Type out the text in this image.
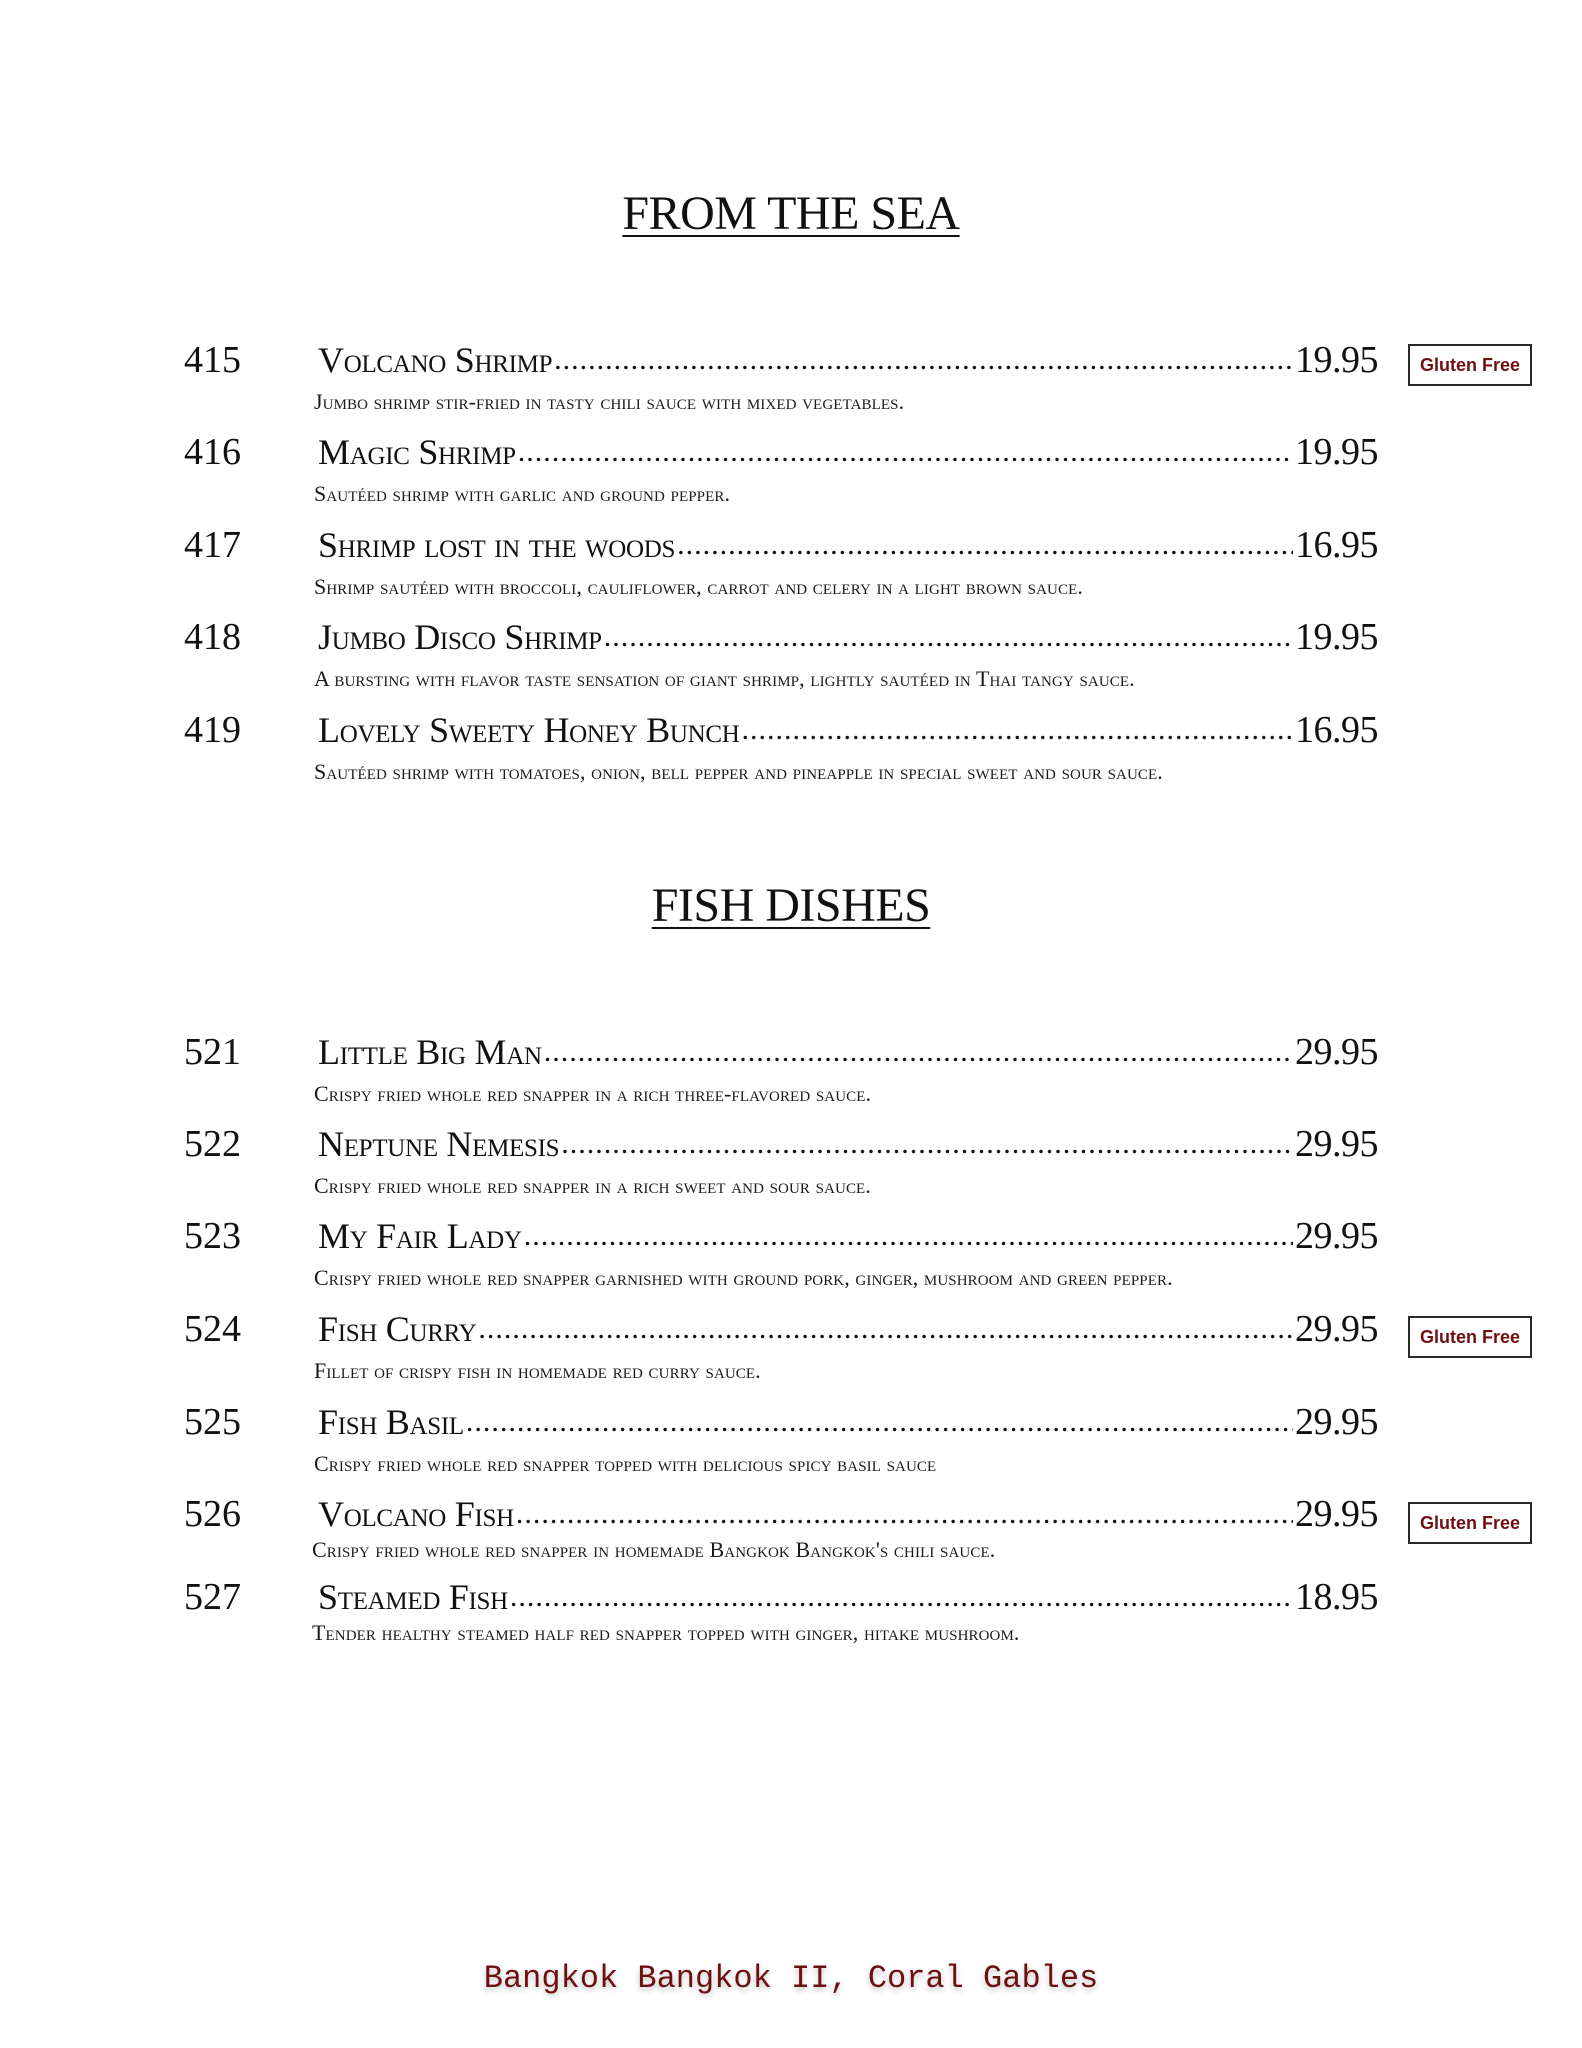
FROM THE SEA
415 Volcano Shrimp .....	19.95
Jumbo shrimp stir-fried in tasty chili sauce with mixed vegetables.
Gluten Free
416 Magic Shrimp .....	19.95
Sautéed shrimp with garlic and ground pepper.
417 Shrimp lost in the woods .....	16.95
Shrimp sautéed with broccoli, cauliflower, carrot and celery in a light brown sauce.
418 Jumbo Disco Shrimp .....	19.95
A bursting with flavor taste sensation of giant shrimp, lightly sautéed in Thai tangy sauce.
419 Lovely Sweety Honey Bunch .....	16.95
Sautéed shrimp with tomatoes, onion, bell pepper and pineapple in special sweet and sour sauce.
FISH DISHES
521 Little Big Man .....	29.95
Crispy fried whole red snapper in a rich three-flavored sauce.
522 Neptune Nemesis .....	29.95
Crispy fried whole red snapper in a rich sweet and sour sauce.
523 My Fair Lady .....	29.95
Crispy fried whole red snapper garnished with ground pork, ginger, mushroom and green pepper.
524 Fish Curry .....	29.95
Fillet of crispy fish in homemade red curry sauce.
Gluten Free
525 Fish Basil .....	29.95
Crispy fried whole red snapper topped with delicious spicy basil sauce
526 Volcano Fish .....	29.95
Crispy fried whole red snapper in homemade Bangkok Bangkok's chili sauce.
Gluten Free
527 Steamed Fish .....	18.95
Tender healthy steamed half red snapper topped with ginger, hitake mushroom.
Bangkok Bangkok II, Coral Gables
